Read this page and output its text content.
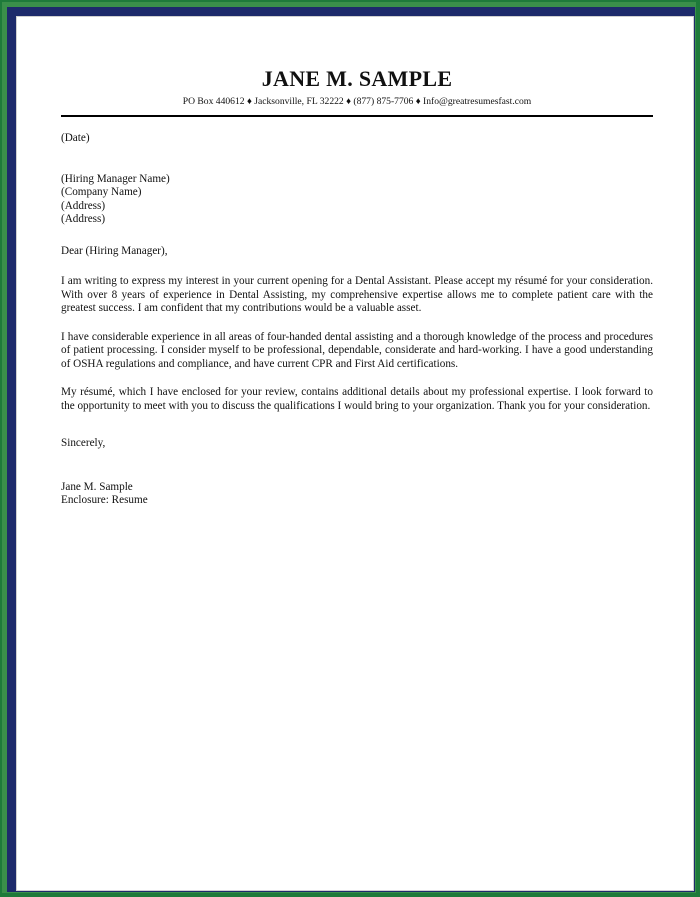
JANE M. SAMPLE
PO Box 440612 ♦ Jacksonville, FL 32222 ♦ (877) 875-7706 ♦ Info@greatresumesfast.com
(Date)
(Hiring Manager Name)
(Company Name)
(Address)
(Address)
Dear (Hiring Manager),

I am writing to express my interest in your current opening for a Dental Assistant. Please accept my résumé for your consideration. With over 8 years of experience in Dental Assisting, my comprehensive expertise allows me to complete patient care with the greatest success. I am confident that my contributions would be a valuable asset.

I have considerable experience in all areas of four-handed dental assisting and a thorough knowledge of the process and procedures of patient processing. I consider myself to be professional, dependable, considerate and hard-working. I have a good understanding of OSHA regulations and compliance, and have current CPR and First Aid certifications.

My résumé, which I have enclosed for your review, contains additional details about my professional expertise. I look forward to the opportunity to meet with you to discuss the qualifications I would bring to your organization. Thank you for your consideration.

Sincerely,
Jane M. Sample
Enclosure: Resume
